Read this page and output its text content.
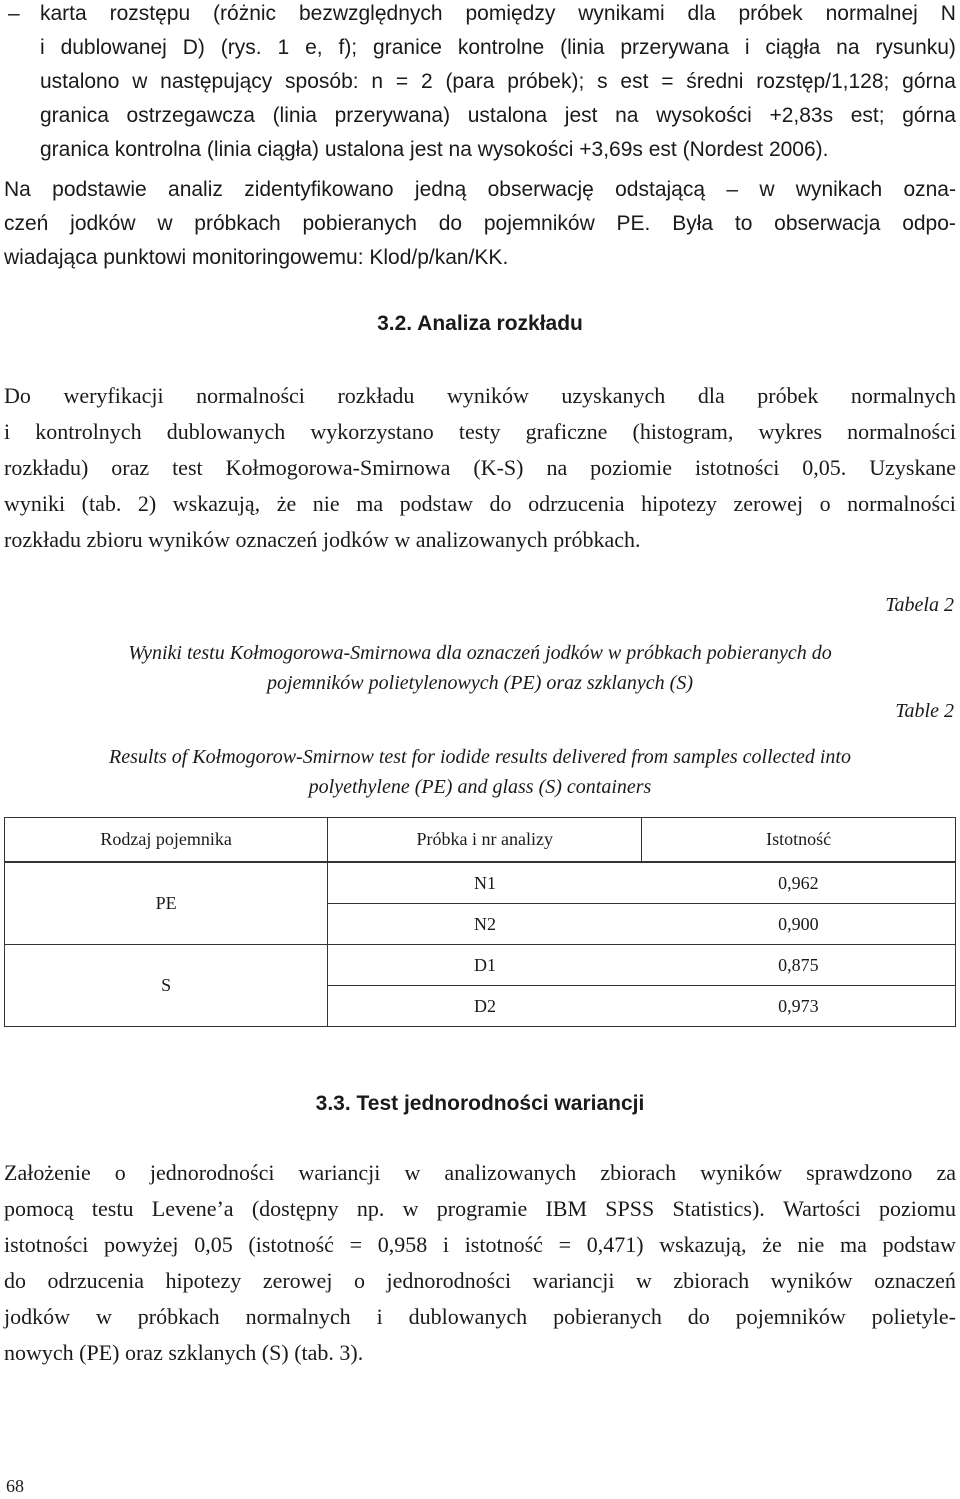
– karta rozstępu (różnic bezwzględnych pomiędzy wynikami dla próbek normalnej N
i dublowanej D) (rys. 1 e, f); granice kontrolne (linia przerywana i ciągła na rysunku)
ustalono w następujący sposób: n = 2 (para próbek); s est = średni rozstęp/1,128; górna
granica ostrzegawcza (linia przerywana) ustalona jest na wysokości +2,83s est; górna
granica kontrolna (linia ciągła) ustalona jest na wysokości +3,69s est (Nordest 2006).
Na podstawie analiz zidentyfikowano jedną obserwację odstającą – w wynikach ozna-
czeń jodków w próbkach pobieranych do pojemników PE. Była to obserwacja odpo-
wiadająca punktowi monitoringowemu: Klod/p/kan/KK.
3.2. Analiza rozkładu
Do weryfikacji normalności rozkładu wyników uzyskanych dla próbek normalnych
i kontrolnych dublowanych wykorzystano testy graficzne (histogram, wykres normalności
rozkładu) oraz test Kołmogorowa-Smirnowa (K-S) na poziomie istotności 0,05. Uzyskane
wyniki (tab. 2) wskazują, że nie ma podstaw do odrzucenia hipotezy zerowej o normalności
rozkładu zbioru wyników oznaczeń jodków w analizowanych próbkach.
Tabela 2
Wyniki testu Kołmogorowa-Smirnowa dla oznaczeń jodków w próbkach pobieranych do
pojemników polietylenowych (PE) oraz szklanych (S)
Table 2
Results of Kołmogorow-Smirnow test for iodide results delivered from samples collected into
polyethylene (PE) and glass (S) containers
Rodzaj pojemnika	Próbka i nr analizy	Istotność
PE	N1	0,962
	N2	0,900
S	D1	0,875
	D2	0,973
3.3. Test jednorodności wariancji
Założenie o jednorodności wariancji w analizowanych zbiorach wyników sprawdzono za
pomocą testu Levene’a (dostępny np. w programie IBM SPSS Statistics). Wartości poziomu
istotności powyżej 0,05 (istotność = 0,958 i istotność = 0,471) wskazują, że nie ma podstaw
do odrzucenia hipotezy zerowej o jednorodności wariancji w zbiorach wyników oznaczeń
jodków w próbkach normalnych i dublowanych pobieranych do pojemników polietyle-
nowych (PE) oraz szklanych (S) (tab. 3).
68
